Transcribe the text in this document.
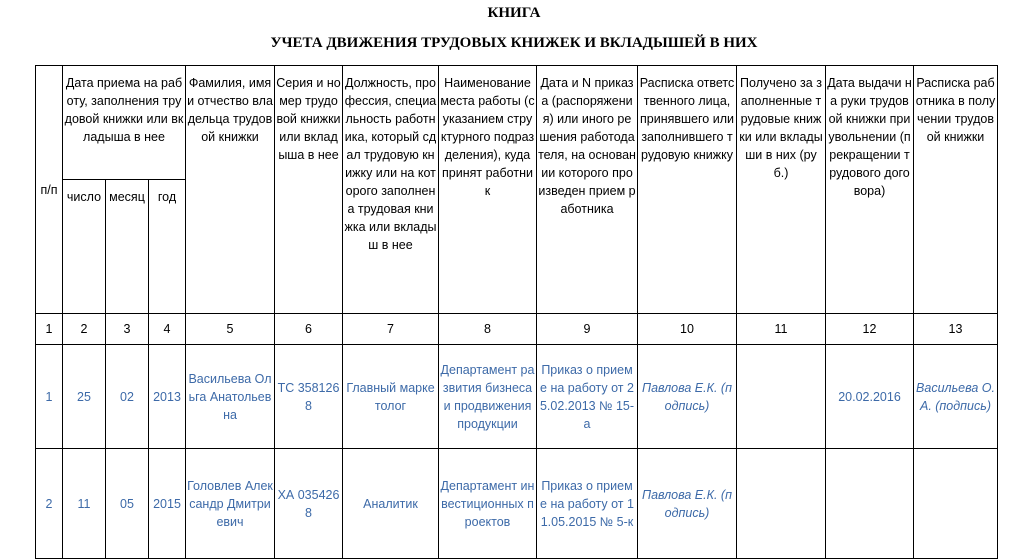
КНИГА
УЧЕТА ДВИЖЕНИЯ ТРУДОВЫХ КНИЖЕК И ВКЛАДЫШЕЙ В НИХ
п/п	Дата приема на работу, заполнения трудовой книжки или вкладыша в нее			Фамилия, имя и отчество владельца трудовой книжки	Серия и номер трудовой книжки или вкладыша в нее	Должность, профессия, специальность работника, который сдал трудовую книжку или на которого заполнена трудовая книжка или вкладыш в нее	Наименование места работы (с указанием структурного подразделения), куда принят работник	Дата и N приказа (распоряжения) или иного решения работодателя, на основании которого произведен прием работника	Расписка ответственного лица, принявшего или заполнившего трудовую книжку	Получено за заполненные трудовые книжки или вкладыши в них (руб.)	Дата выдачи на руки трудовой книжки при увольнении (прекращении трудового договора)	Расписка работника в получении трудовой книжки
	число	месяц	год									
1	2	3	4	5	6	7	8	9	10	11	12	13
1	25	02	2013	Васильева Ольга Анатольевна	ТС 3581268	Главный маркетолог	Департамент развития бизнеса и продвижения продукции	Приказ о приеме на работу от 25.02.2013 № 15-а	Павлова Е.К. (подпись)		20.02.2016	Васильева О.А. (подпись)
2	11	05	2015	Головлев Александр Дмитриевич	ХА 0354268	Аналитик	Департамент инвестиционных проектов	Приказ о приеме на работу от 11.05.2015 № 5-к	Павлова Е.К. (подпись)			
